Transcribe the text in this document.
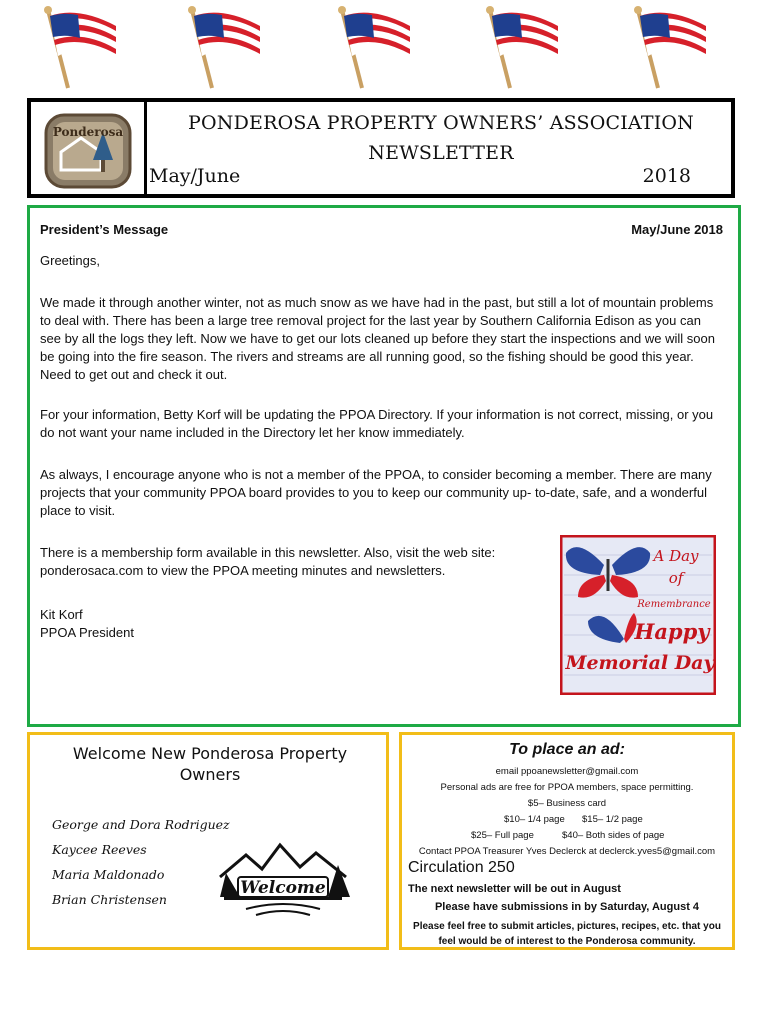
Ponderosa	PONDEROSA PROPERTY OWNERS’ ASSOCIATION
NEWSLETTER
May/June	2018
President’s Message	May/June 2018
Greetings,
We made it through another winter, not as much snow as we have had in the past, but still a lot of mountain problems to deal with. There has been a large tree removal project for the last year by Southern California Edison as you can see by all the logs they left. Now we have to get our lots cleaned up before they start the inspections and we will soon be going into the fire season. The rivers and streams are all running good, so the fishing should be good this year. Need to get out and check it out.
For your information, Betty Korf will be updating the PPOA Directory. If your information is not correct, missing, or you do not want your name included in the Directory let her know immediately.
As always, I encourage anyone who is not a member of the PPOA, to consider becoming a member. There are many projects that your community PPOA board provides to you to keep our community up- to-date, safe, and a wonderful place to visit.
There is a membership form available in this newsletter. Also, visit the web site: ponderosaca.com to view the PPOA meeting minutes and newsletters.
Kit Korf
PPOA President
A Day
of
Remembrance
Happy
Memorial Day
Welcome New Ponderosa Property Owners
George and Dora Rodriguez
Kaycee Reeves
Maria Maldonado
Brian Christensen
Welcome
To place an ad:
email ppoanewsletter@gmail.com
Personal ads are free for PPOA members, space permitting.
$5– Business card
$10– 1/4 page $15– 1/2 page
$25– Full page	$40– Both sides of page
Contact PPOA Treasurer Yves Declerck at declerck.yves5@gmail.com
Circulation 250
The next newsletter will be out in August
Please have submissions in by Saturday, August 4
Please feel free to submit articles, pictures, recipes, etc. that you
feel would be of interest to the Ponderosa community.
